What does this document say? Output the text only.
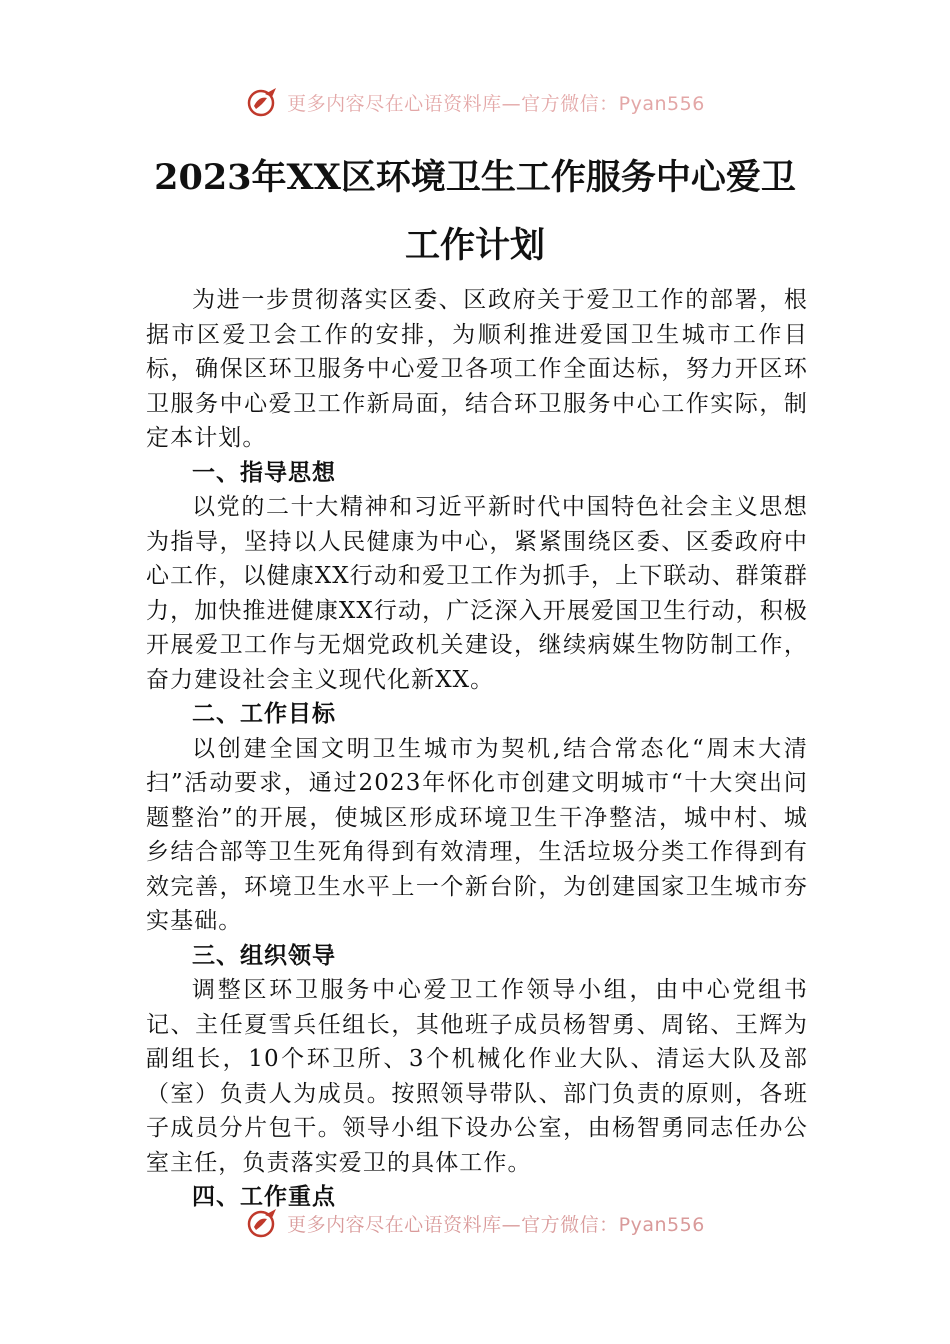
更多内容尽在心语资料库—官方微信：Pyan556
2023年XX区环境卫生工作服务中心爱卫
工作计划

为进一步贯彻落实区委、区政府关于爱卫工作的部署，根据市区爱卫会工作的安排，为顺利推进爱国卫生城市工作目标，确保区环卫服务中心爱卫各项工作全面达标，努力开区环卫服务中心爱卫工作新局面，结合环卫服务中心工作实际，制定本计划。

一、指导思想

以党的二十大精神和习近平新时代中国特色社会主义思想为指导，坚持以人民健康为中心，紧紧围绕区委、区委政府中心工作，以健康XX行动和爱卫工作为抓手，上下联动、群策群力，加快推进健康XX行动，广泛深入开展爱国卫生行动，积极开展爱卫工作与无烟党政机关建设，继续病媒生物防制工作，奋力建设社会主义现代化新XX。

二、工作目标

以创建全国文明卫生城市为契机,结合常态化“周末大清扫”活动要求，通过2023年怀化市创建文明城市“十大突出问题整治”的开展，使城区形成环境卫生干净整洁，城中村、城乡结合部等卫生死角得到有效清理，生活垃圾分类工作得到有效完善，环境卫生水平上一个新台阶，为创建国家卫生城市夯实基础。

三、组织领导

调整区环卫服务中心爱卫工作领导小组，由中心党组书记、主任夏雪兵任组长，其他班子成员杨智勇、周铭、王辉为副组长，10个环卫所、3个机械化作业大队、清运大队及部（室）负责人为成员。按照领导带队、部门负责的原则，各班子成员分片包干。领导小组下设办公室，由杨智勇同志任办公室主任，负责落实爱卫的具体工作。

四、工作重点

更多内容尽在心语资料库—官方微信：Pyan556
